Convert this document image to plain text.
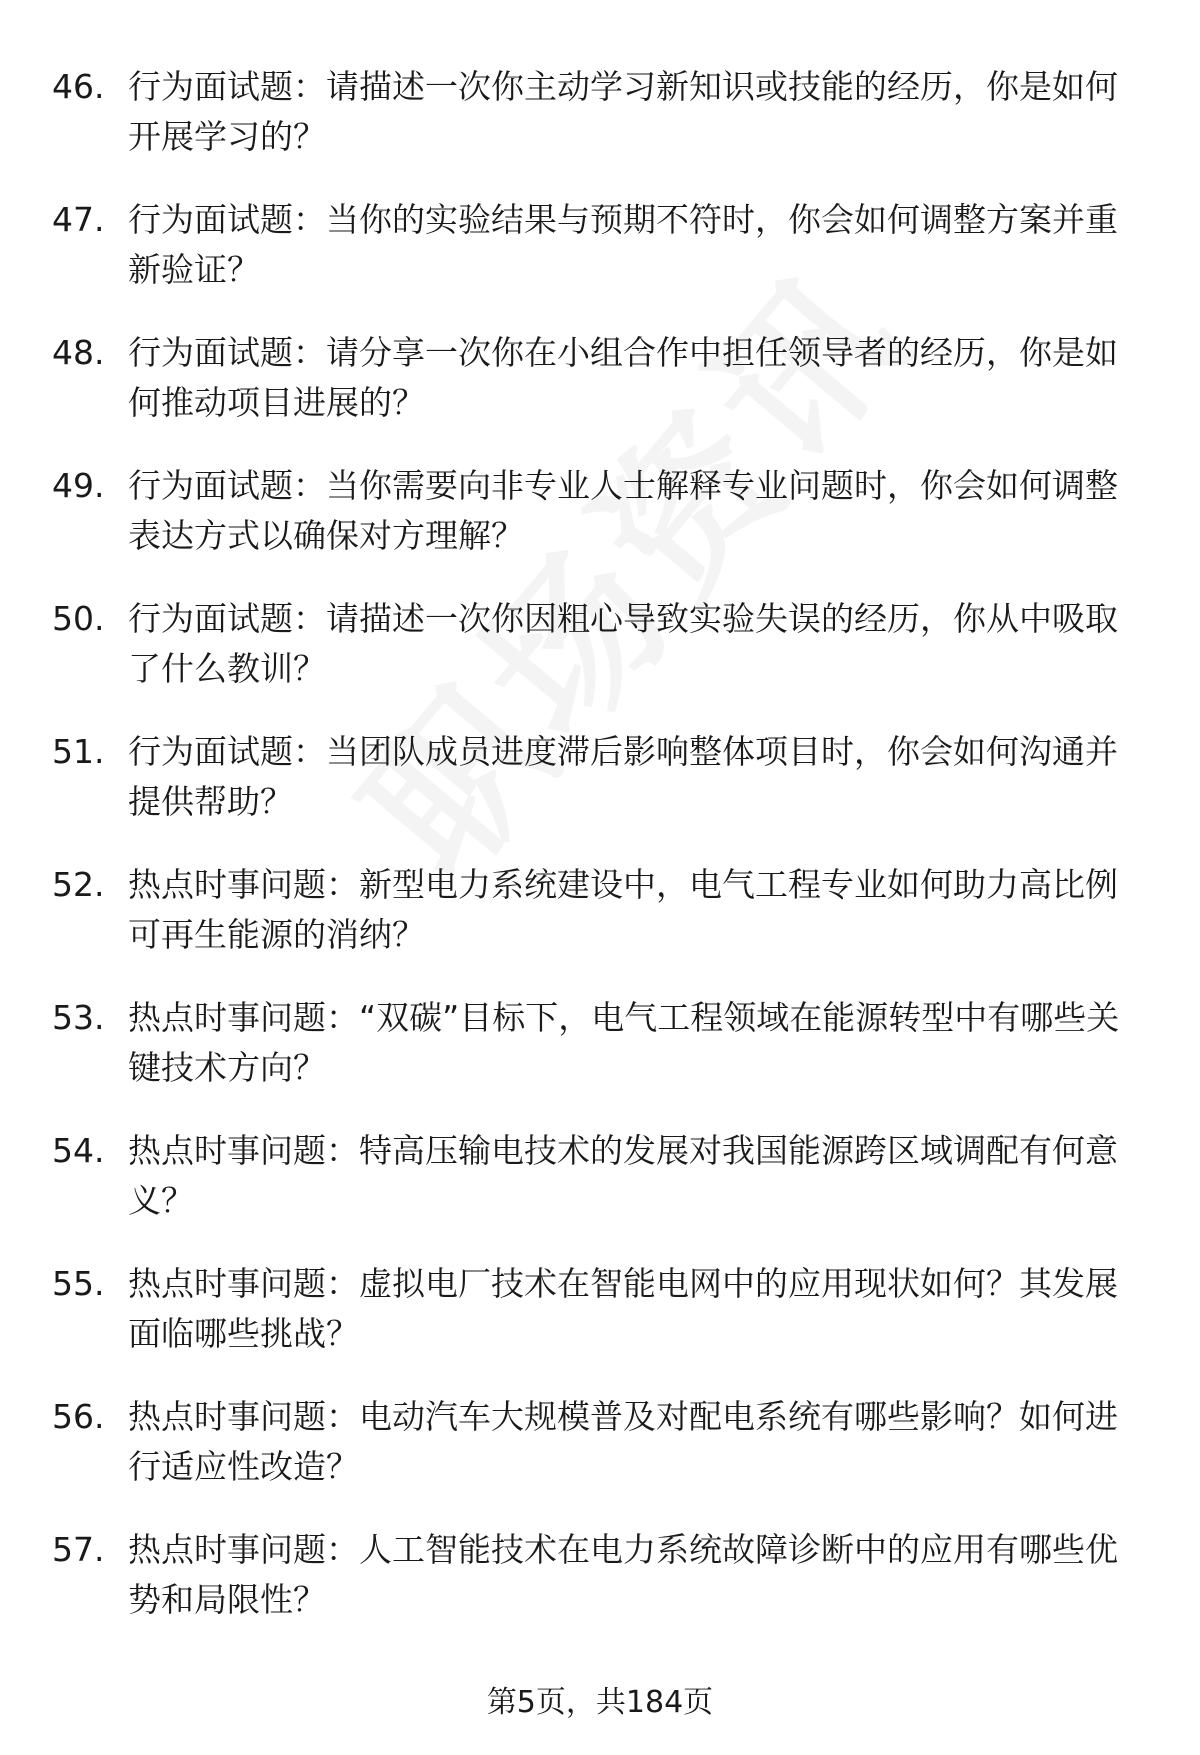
46. 行为面试题：请描述一次你主动学习新知识或技能的经历，你是如何开展学习的？
47. 行为面试题：当你的实验结果与预期不符时，你会如何调整方案并重新验证？
48. 行为面试题：请分享一次你在小组合作中担任领导者的经历，你是如何推动项目进展的？
49. 行为面试题：当你需要向非专业人士解释专业问题时，你会如何调整表达方式以确保对方理解？
50. 行为面试题：请描述一次你因粗心导致实验失误的经历，你从中吸取了什么教训？
51. 行为面试题：当团队成员进度滞后影响整体项目时，你会如何沟通并提供帮助？
52. 热点时事问题：新型电力系统建设中，电气工程专业如何助力高比例可再生能源的消纳？
53. 热点时事问题：“双碳”目标下，电气工程领域在能源转型中有哪些关键技术方向？
54. 热点时事问题：特高压输电技术的发展对我国能源跨区域调配有何意义？
55. 热点时事问题：虚拟电厂技术在智能电网中的应用现状如何？其发展面临哪些挑战？
56. 热点时事问题：电动汽车大规模普及对配电系统有哪些影响？如何进行适应性改造？
57. 热点时事问题：人工智能技术在电力系统故障诊断中的应用有哪些优势和局限性？
第5页，共184页
